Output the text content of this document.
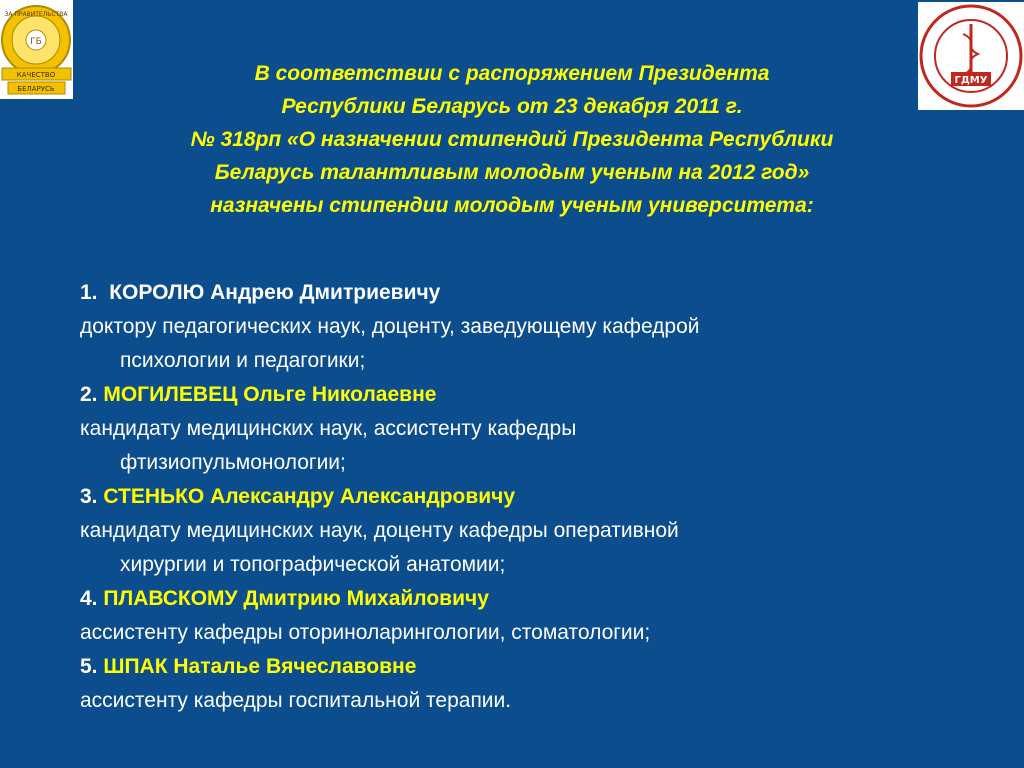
ГБ
ЗА ПРАВИТЕЛЬСТВА
КАЧЕСТВО
БЕЛАРУСЬ
ГДМУ
В соответствии с распоряжением Президента
Республики Беларусь от 23 декабря 2011 г.
№ 318рп «О назначении стипендий Президента Республики
Беларусь талантливым молодым ученым на 2012 год»
назначены стипендии молодым ученым университета:
1.  КОРОЛЮ Андрею Дмитриевичу
доктору педагогических наук, доценту, заведующему кафедрой
психологии и педагогики;
2. МОГИЛЕВЕЦ Ольге Николаевне
кандидату медицинских наук, ассистенту кафедры
фтизиопульмонологии;
3. СТЕНЬКО Александру Александровичу
кандидату медицинских наук, доценту кафедры оперативной
хирургии и топографической анатомии;
4. ПЛАВСКОМУ Дмитрию Михайловичу
ассистенту кафедры оториноларингологии, стоматологии;
5. ШПАК Наталье Вячеславовне
ассистенту кафедры госпитальной терапии.
